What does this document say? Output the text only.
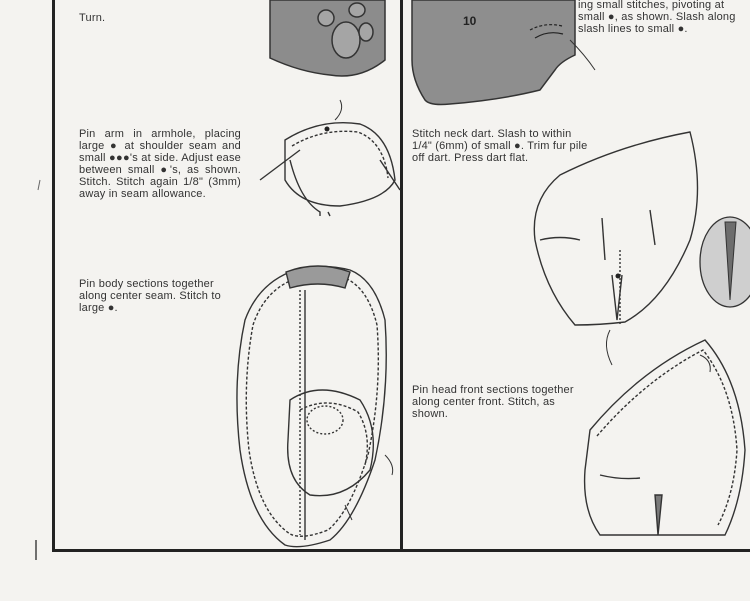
Turn.
Pin arm in armhole, placing large ● at shoulder seam and small ●●●'s at side. Adjust ease between small ●'s, as shown. Stitch. Stitch again 1/8" (3mm) away in seam allowance.
Pin body sections together along center seam. Stitch to large ●.
ing small stitches, pivoting at small ●, as shown. Slash along slash lines to small ●.
Stitch neck dart. Slash to within 1/4" (6mm) of small ●. Trim fur pile off dart. Press dart flat.
Pin head front sections together along center front. Stitch, as shown.
10
